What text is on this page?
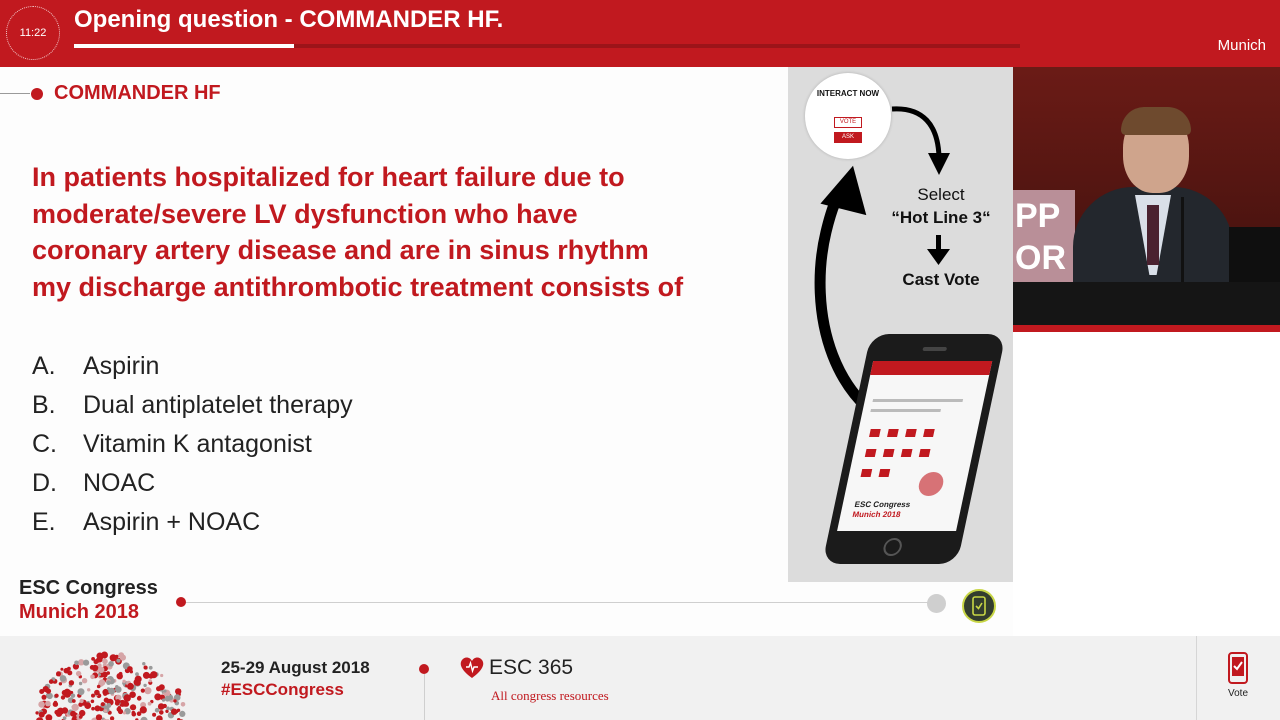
11:22	Opening question - COMMANDER HF.
Munich
COMMANDER HF
In patients hospitalized for heart failure due to moderate/severe LV dysfunction who have coronary artery disease and are in sinus rhythm my discharge antithrombotic treatment consists of
A.	Aspirin
B.	Dual antiplatelet therapy
C.	Vitamin K antagonist
D.	NOAC
E.	Aspirin + NOAC
INTERACT NOW
VOTE
ASK
Select
“Hot Line 3“
Cast Vote
ESC Congress
Munich 2018
ESC Congress
Munich 2018
PP
OR
25-29 August 2018
#ESCCongress
ESC 365
All congress resources	Vote
